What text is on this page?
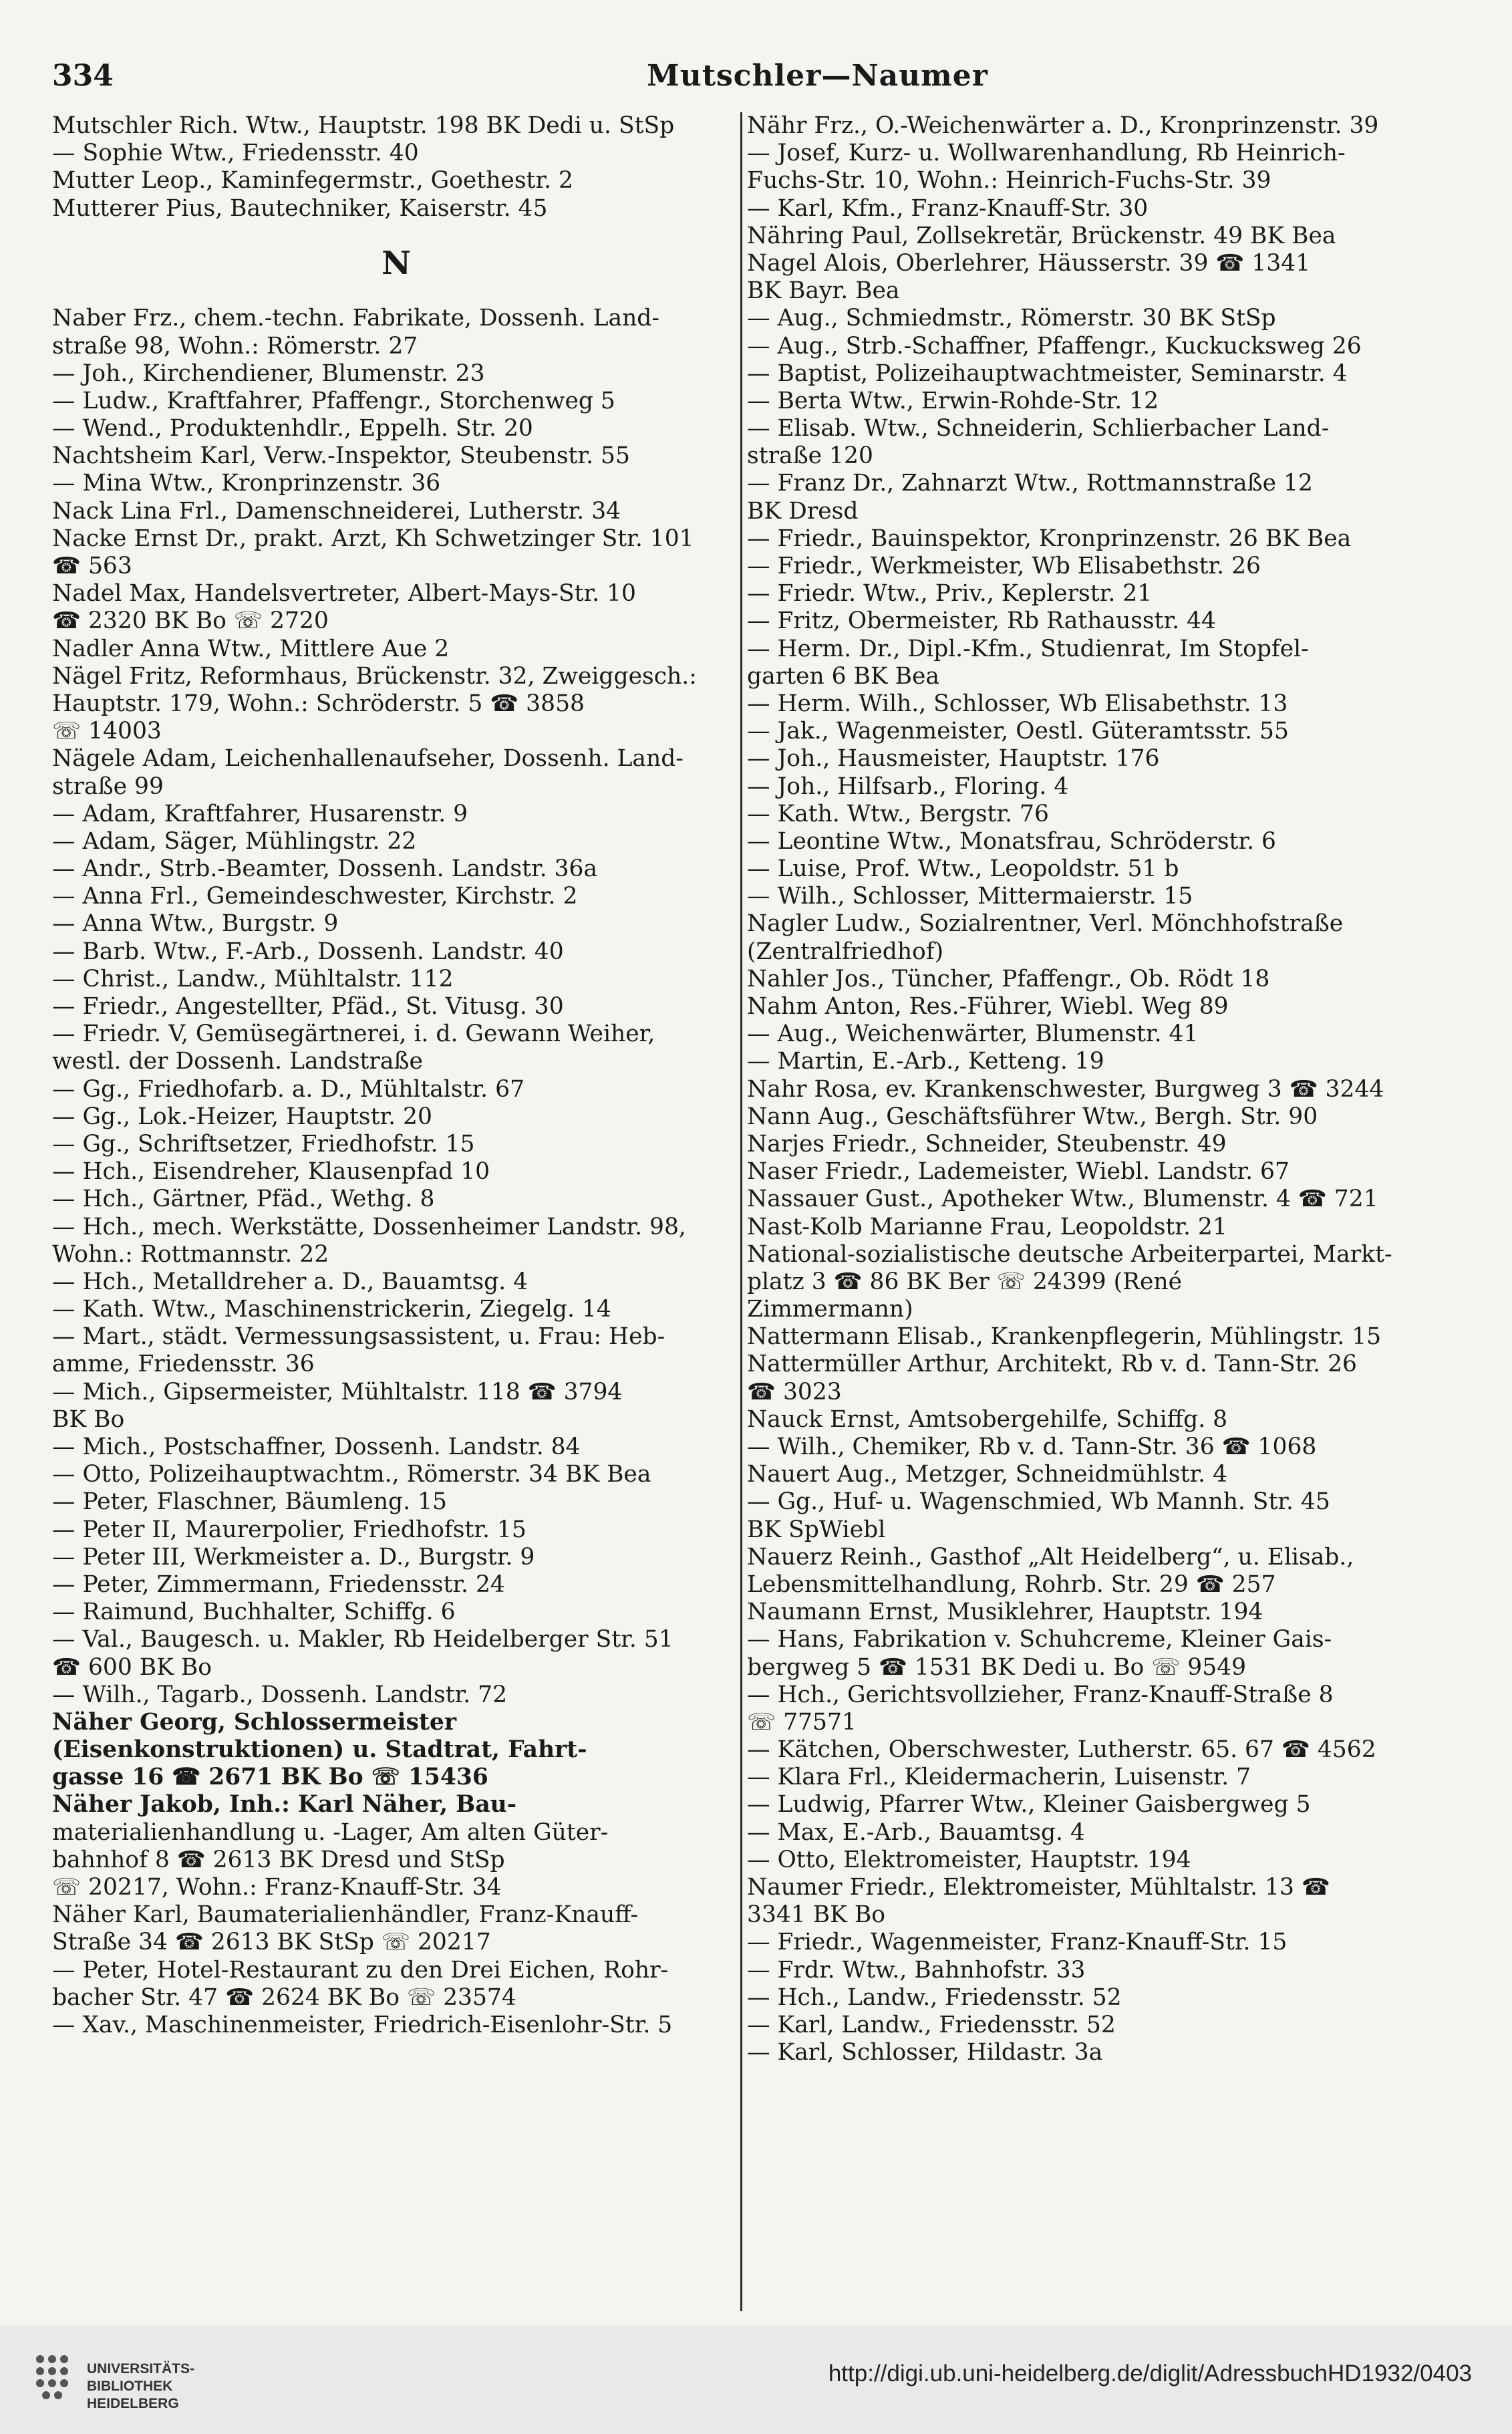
334	Mutschler—Naumer
Mutschler Rich. Wtw., Hauptstr. 198 BK Dedi u. StSp
— Sophie Wtw., Friedensstr. 40
Mutter Leop., Kaminfegermstr., Goethestr. 2
Mutterer Pius, Bautechniker, Kaiserstr. 45
N
Naber Frz., chem.-techn. Fabrikate, Dossenh. Land-
straße 98, Wohn.: Römerstr. 27
— Joh., Kirchendiener, Blumenstr. 23
— Ludw., Kraftfahrer, Pfaffengr., Storchenweg 5
— Wend., Produktenhdlr., Eppelh. Str. 20
Nachtsheim Karl, Verw.-Inspektor, Steubenstr. 55
— Mina Wtw., Kronprinzenstr. 36
Nack Lina Frl., Damenschneiderei, Lutherstr. 34
Nacke Ernst Dr., prakt. Arzt, Kh Schwetzinger Str. 101
☎ 563
Nadel Max, Handelsvertreter, Albert-Mays-Str. 10
☎ 2320 BK Bo ☏ 2720
Nadler Anna Wtw., Mittlere Aue 2
Nägel Fritz, Reformhaus, Brückenstr. 32, Zweiggesch.:
Hauptstr. 179, Wohn.: Schröderstr. 5 ☎ 3858
☏ 14003
Nägele Adam, Leichenhallenaufseher, Dossenh. Land-
straße 99
— Adam, Kraftfahrer, Husarenstr. 9
— Adam, Säger, Mühlingstr. 22
— Andr., Strb.-Beamter, Dossenh. Landstr. 36a
— Anna Frl., Gemeindeschwester, Kirchstr. 2
— Anna Wtw., Burgstr. 9
— Barb. Wtw., F.-Arb., Dossenh. Landstr. 40
— Christ., Landw., Mühltalstr. 112
— Friedr., Angestellter, Pfäd., St. Vitusg. 30
— Friedr. V, Gemüsegärtnerei, i. d. Gewann Weiher,
westl. der Dossenh. Landstraße
— Gg., Friedhofarb. a. D., Mühltalstr. 67
— Gg., Lok.-Heizer, Hauptstr. 20
— Gg., Schriftsetzer, Friedhofstr. 15
— Hch., Eisendreher, Klausenpfad 10
— Hch., Gärtner, Pfäd., Wethg. 8
— Hch., mech. Werkstätte, Dossenheimer Landstr. 98,
Wohn.: Rottmannstr. 22
— Hch., Metalldreher a. D., Bauamtsg. 4
— Kath. Wtw., Maschinenstrickerin, Ziegelg. 14
— Mart., städt. Vermessungsassistent, u. Frau: Heb-
amme, Friedensstr. 36
— Mich., Gipsermeister, Mühltalstr. 118 ☎ 3794
BK Bo
— Mich., Postschaffner, Dossenh. Landstr. 84
— Otto, Polizeihauptwachtm., Römerstr. 34 BK Bea
— Peter, Flaschner, Bäumleng. 15
— Peter II, Maurerpolier, Friedhofstr. 15
— Peter III, Werkmeister a. D., Burgstr. 9
— Peter, Zimmermann, Friedensstr. 24
— Raimund, Buchhalter, Schiffg. 6
— Val., Baugesch. u. Makler, Rb Heidelberger Str. 51
☎ 600 BK Bo
— Wilh., Tagarb., Dossenh. Landstr. 72
Näher Georg, Schlossermeister
(Eisenkonstruktionen) u. Stadtrat, Fahrt-
gasse 16 ☎ 2671 BK Bo ☏ 15436
Näher Jakob, Inh.: Karl Näher, Bau-
materialienhandlung u. -Lager, Am alten Güter-
bahnhof 8 ☎ 2613 BK Dresd und StSp
☏ 20217, Wohn.: Franz-Knauff-Str. 34
Näher Karl, Baumaterialienhändler, Franz-Knauff-
Straße 34 ☎ 2613 BK StSp ☏ 20217
— Peter, Hotel-Restaurant zu den Drei Eichen, Rohr-
bacher Str. 47 ☎ 2624 BK Bo ☏ 23574
— Xav., Maschinenmeister, Friedrich-Eisenlohr-Str. 5
Nähr Frz., O.-Weichenwärter a. D., Kronprinzenstr. 39
— Josef, Kurz- u. Wollwarenhandlung, Rb Heinrich-
Fuchs-Str. 10, Wohn.: Heinrich-Fuchs-Str. 39
— Karl, Kfm., Franz-Knauff-Str. 30
Nähring Paul, Zollsekretär, Brückenstr. 49 BK Bea
Nagel Alois, Oberlehrer, Häusserstr. 39 ☎ 1341
BK Bayr. Bea
— Aug., Schmiedmstr., Römerstr. 30 BK StSp
— Aug., Strb.-Schaffner, Pfaffengr., Kuckucksweg 26
— Baptist, Polizeihauptwachtmeister, Seminarstr. 4
— Berta Wtw., Erwin-Rohde-Str. 12
— Elisab. Wtw., Schneiderin, Schlierbacher Land-
straße 120
— Franz Dr., Zahnarzt Wtw., Rottmannstraße 12
BK Dresd
— Friedr., Bauinspektor, Kronprinzenstr. 26 BK Bea
— Friedr., Werkmeister, Wb Elisabethstr. 26
— Friedr. Wtw., Priv., Keplerstr. 21
— Fritz, Obermeister, Rb Rathausstr. 44
— Herm. Dr., Dipl.-Kfm., Studienrat, Im Stopfel-
garten 6 BK Bea
— Herm. Wilh., Schlosser, Wb Elisabethstr. 13
— Jak., Wagenmeister, Oestl. Güteramtsstr. 55
— Joh., Hausmeister, Hauptstr. 176
— Joh., Hilfsarb., Floring. 4
— Kath. Wtw., Bergstr. 76
— Leontine Wtw., Monatsfrau, Schröderstr. 6
— Luise, Prof. Wtw., Leopoldstr. 51 b
— Wilh., Schlosser, Mittermaierstr. 15
Nagler Ludw., Sozialrentner, Verl. Mönchhofstraße
(Zentralfriedhof)
Nahler Jos., Tüncher, Pfaffengr., Ob. Rödt 18
Nahm Anton, Res.-Führer, Wiebl. Weg 89
— Aug., Weichenwärter, Blumenstr. 41
— Martin, E.-Arb., Ketteng. 19
Nahr Rosa, ev. Krankenschwester, Burgweg 3 ☎ 3244
Nann Aug., Geschäftsführer Wtw., Bergh. Str. 90
Narjes Friedr., Schneider, Steubenstr. 49
Naser Friedr., Lademeister, Wiebl. Landstr. 67
Nassauer Gust., Apotheker Wtw., Blumenstr. 4 ☎ 721
Nast-Kolb Marianne Frau, Leopoldstr. 21
National-sozialistische deutsche Arbeiterpartei, Markt-
platz 3 ☎ 86 BK Ber ☏ 24399 (René
Zimmermann)
Nattermann Elisab., Krankenpflegerin, Mühlingstr. 15
Nattermüller Arthur, Architekt, Rb v. d. Tann-Str. 26
☎ 3023
Nauck Ernst, Amtsobergehilfe, Schiffg. 8
— Wilh., Chemiker, Rb v. d. Tann-Str. 36 ☎ 1068
Nauert Aug., Metzger, Schneidmühlstr. 4
— Gg., Huf- u. Wagenschmied, Wb Mannh. Str. 45
BK SpWiebl
Nauerz Reinh., Gasthof „Alt Heidelberg“, u. Elisab.,
Lebensmittelhandlung, Rohrb. Str. 29 ☎ 257
Naumann Ernst, Musiklehrer, Hauptstr. 194
— Hans, Fabrikation v. Schuhcreme, Kleiner Gais-
bergweg 5 ☎ 1531 BK Dedi u. Bo ☏ 9549
— Hch., Gerichtsvollzieher, Franz-Knauff-Straße 8
☏ 77571
— Kätchen, Oberschwester, Lutherstr. 65. 67 ☎ 4562
— Klara Frl., Kleidermacherin, Luisenstr. 7
— Ludwig, Pfarrer Wtw., Kleiner Gaisbergweg 5
— Max, E.-Arb., Bauamtsg. 4
— Otto, Elektromeister, Hauptstr. 194
Naumer Friedr., Elektromeister, Mühltalstr. 13 ☎
3341 BK Bo
— Friedr., Wagenmeister, Franz-Knauff-Str. 15
— Frdr. Wtw., Bahnhofstr. 33
— Hch., Landw., Friedensstr. 52
— Karl, Landw., Friedensstr. 52
— Karl, Schlosser, Hildastr. 3a
UNIVERSITÄTS-
BIBLIOTHEK
HEIDELBERG
http://digi.ub.uni-heidelberg.de/diglit/AdressbuchHD1932/0403
